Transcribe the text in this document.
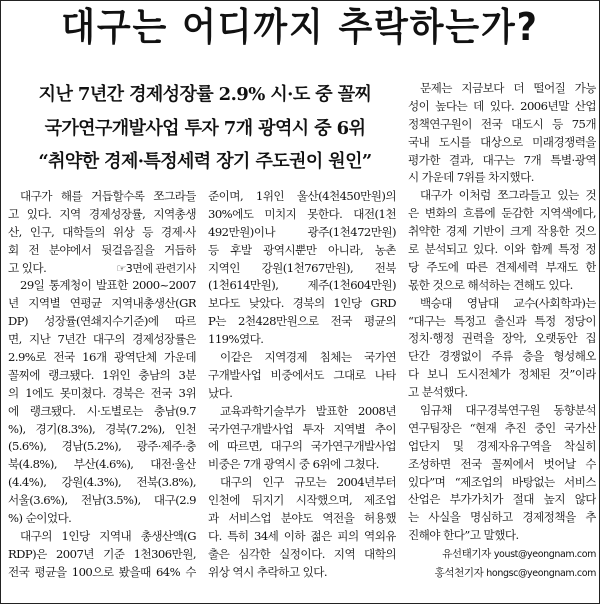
대구는 어디까지 추락하는가?
지난 7년간 경제성장률 2.9% 시·도 중 꼴찌
국가연구개발사업 투자 7개 광역시 중 6위
“취약한 경제·특정세력 장기 주도권이 원인”
대구가 해를 거듭할수록 쪼그라들
고 있다. 지역 경제성장률, 지역총생
산, 인구, 대학들의 위상 등 경제·사
회 전 분야에서 뒷걸음질을 거듭하
☞3면에 관련기사
고 있다.
29일 통계청이 발표한 2000~2007
년 지역별 연평균 지역내총생산(GR
DP) 성장률(연쇄지수기준)에 따르
면, 지난 7년간 대구의 경제성장률은
2.9%로 전국 16개 광역단체 가운데
꼴찌에 랭크됐다. 1위인 충남의 3분
의 1에도 못미쳤다. 경북은 전국 3위
에 랭크됐다. 시·도별로는 충남(9.7
%), 경기(8.3%), 경북(7.2%), 인천
(5.6%), 경남(5.2%), 광주·제주·충
북(4.8%), 부산(4.6%), 대전·울산
(4.4%), 강원(4.3%), 전북(3.8%),
서울(3.6%), 전남(3.5%), 대구(2.9
%) 순이었다.
대구의 1인당 지역내 총생산액(G
RDP)은 2007년 기준 1천306만원,
전국 평균을 100으로 봤을때 64% 수
준이며, 1위인 울산(4천450만원)의
30%에도 미치지 못한다. 대전(1천
492만원)이나 광주(1천472만원)
등 후발 광역시뿐만 아니라, 농촌
지역인 강원(1천767만원), 전북
(1천614만원), 제주(1천604만원)
보다도 낮았다. 경북의 1인당 GRD
P는 2천428만원으로 전국 평균의
119%였다.
이같은 지역경제 침체는 국가연
구개발사업 비중에서도 그대로 나타
났다.
교육과학기술부가 발표한 2008년
국가연구개발사업 투자 지역별 추이
에 따르면, 대구의 국가연구개발사업
비중은 7개 광역시 중 6위에 그쳤다.
대구의 인구 규모는 2004년부터
인천에 뒤지기 시작했으며, 제조업
과 서비스업 분야도 역전을 허용했
다. 특히 34세 이하 젊은 피의 역외유
출은 심각한 실정이다. 지역 대학의
위상 역시 추락하고 있다.
문제는 지금보다 더 떨어질 가능
성이 높다는 데 있다. 2006년말 산업
정책연구원이 전국 대도시 등 75개
국내 도시를 대상으로 미래경쟁력을
평가한 결과, 대구는 7개 특별·광역
시 가운데 7위를 차지했다.
대구가 이처럼 쪼그라들고 있는 것
은 변화의 흐름에 둔감한 지역색에다,
취약한 경제 기반이 크게 작용한 것으
로 분석되고 있다. 이와 함께 특정 정
당 주도에 따른 견제세력 부재도 한
몫한 것으로 해석하는 견해도 있다.
백승대 영남대 교수(사회학과)는
“대구는 특정고 출신과 특정 정당이
정치·행정 권력을 장악, 오랫동안 집
단간 경쟁없이 주류 층을 형성해오
다 보니 도시전체가 정체된 것”이라
고 분석했다.
임규채 대구경북연구원 동향분석
연구팀장은 “현재 추진 중인 국가산
업단지 및 경제자유구역을 착실히
조성하면 전국 꼴찌에서 벗어날 수
있다”며 “제조업의 바탕없는 서비스
산업은 부가가치가 절대 높지 않다
는 사실을 명심하고 경제정책을 추
진해야 한다”고 말했다.
유선태기자 youst@yeongnam.com
홍석천기자 hongsc@yeongnam.com
